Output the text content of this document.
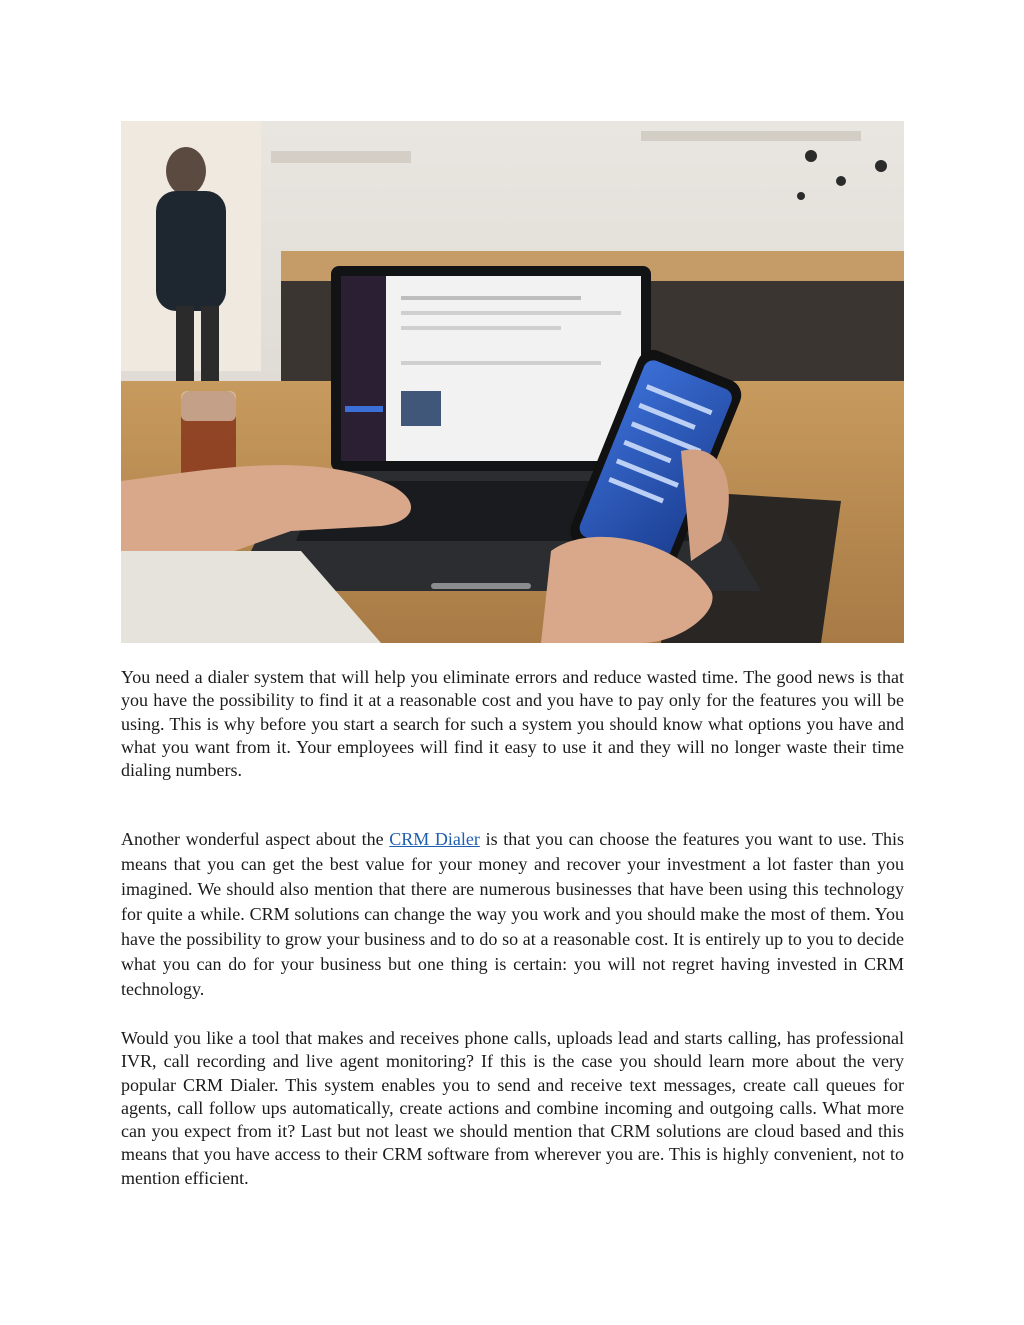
You need a dialer system that will help you eliminate errors and reduce wasted time. The good news is that you have the possibility to find it at a reasonable cost and you have to pay only for the features you will be using. This is why before you start a search for such a system you should know what options you have and what you want from it. Your employees will find it easy to use it and they will no longer waste their time dialing numbers.

Another wonderful aspect about the CRM Dialer is that you can choose the features you want to use. This means that you can get the best value for your money and recover your investment a lot faster than you imagined. We should also mention that there are numerous businesses that have been using this technology for quite a while. CRM solutions can change the way you work and you should make the most of them. You have the possibility to grow your business and to do so at a reasonable cost. It is entirely up to you to decide what you can do for your business but one thing is certain: you will not regret having invested in CRM technology.

Would you like a tool that makes and receives phone calls, uploads lead and starts calling, has professional IVR, call recording and live agent monitoring? If this is the case you should learn more about the very popular CRM Dialer. This system enables you to send and receive text messages, create call queues for agents, call follow ups automatically, create actions and combine incoming and outgoing calls. What more can you expect from it? Last but not least we should mention that CRM solutions are cloud based and this means that you have access to their CRM software from wherever you are. This is highly convenient, not to mention efficient.
